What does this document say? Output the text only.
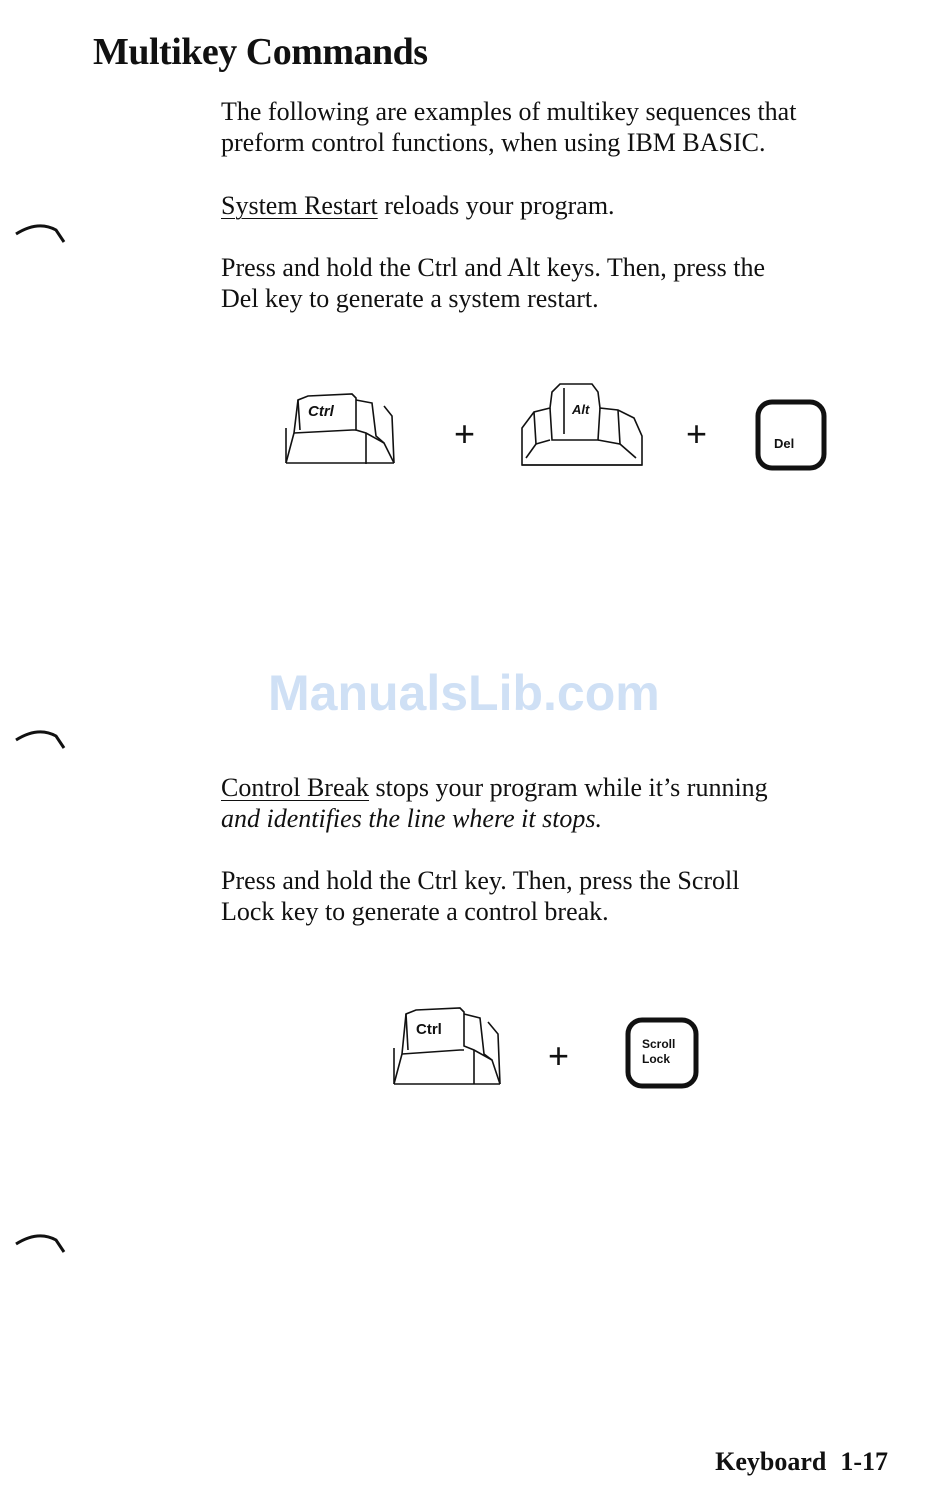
Multikey Commands

The following are examples of multikey sequences that
preform control functions, when using IBM BASIC.

System Restart reloads your program.

Press and hold the Ctrl and Alt keys. Then, press the
Del key to generate a system restart.

Ctrl
+
Alt
+	Del
ManualsLib.com

Control Break stops your program while it’s running
and identifies the line where it stops.

Press and hold the Ctrl key. Then, press the Scroll
Lock key to generate a control break.

Ctrl
+	Scroll
Lock
Keyboard 1-17
